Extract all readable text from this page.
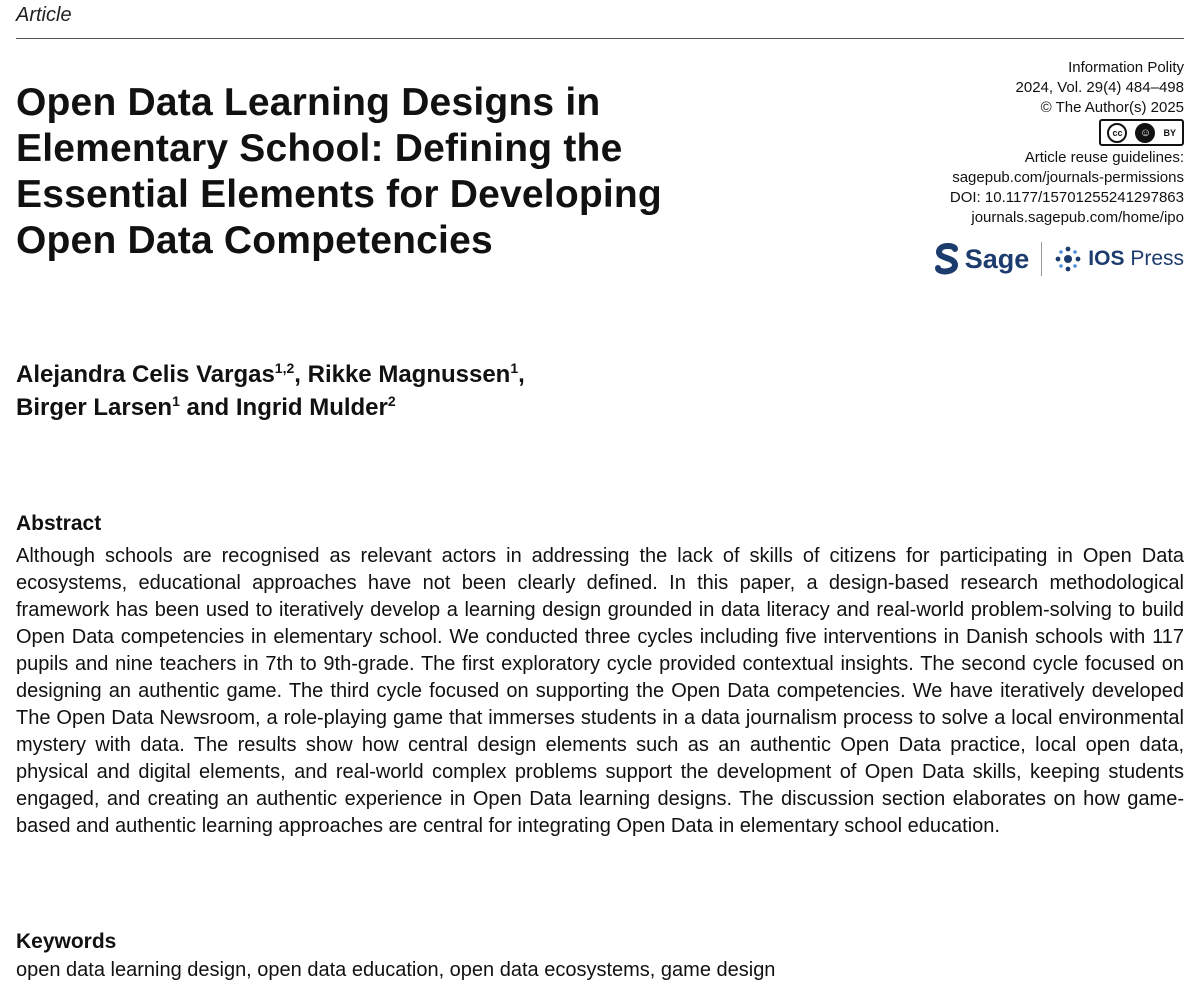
Article
Open Data Learning Designs in Elementary School: Defining the Essential Elements for Developing Open Data Competencies
Information Polity
2024, Vol. 29(4) 484–498
© The Author(s) 2025
cc	☺	BY
Article reuse guidelines:
sagepub.com/journals-permissions
DOI: 10.1177/15701255241297863
journals.sagepub.com/home/ipo
Sage	IOS Press
Alejandra Celis Vargas$^{1,2}$, Rikke Magnussen$^1$,
Birger Larsen$^1$ and Ingrid Mulder$^2$
Abstract

Although schools are recognised as relevant actors in addressing the lack of skills of citizens for participating in Open Data ecosystems, educational approaches have not been clearly defined. In this paper, a design-based research methodological framework has been used to iteratively develop a learning design grounded in data literacy and real-world problem-solving to build Open Data competencies in elementary school. We conducted three cycles including five interventions in Danish schools with 117 pupils and nine teachers in 7th to 9th-grade. The first exploratory cycle provided contextual insights. The second cycle focused on designing an authentic game. The third cycle focused on supporting the Open Data competencies. We have iteratively developed The Open Data Newsroom, a role-playing game that immerses students in a data journalism process to solve a local environmental mystery with data. The results show how central design elements such as an authentic Open Data practice, local open data, physical and digital elements, and real-world complex problems support the development of Open Data skills, keeping students engaged, and creating an authentic experience in Open Data learning designs. The discussion section elaborates on how game-based and authentic learning approaches are central for integrating Open Data in elementary school education.

Keywords

open data learning design, open data education, open data ecosystems, game design
